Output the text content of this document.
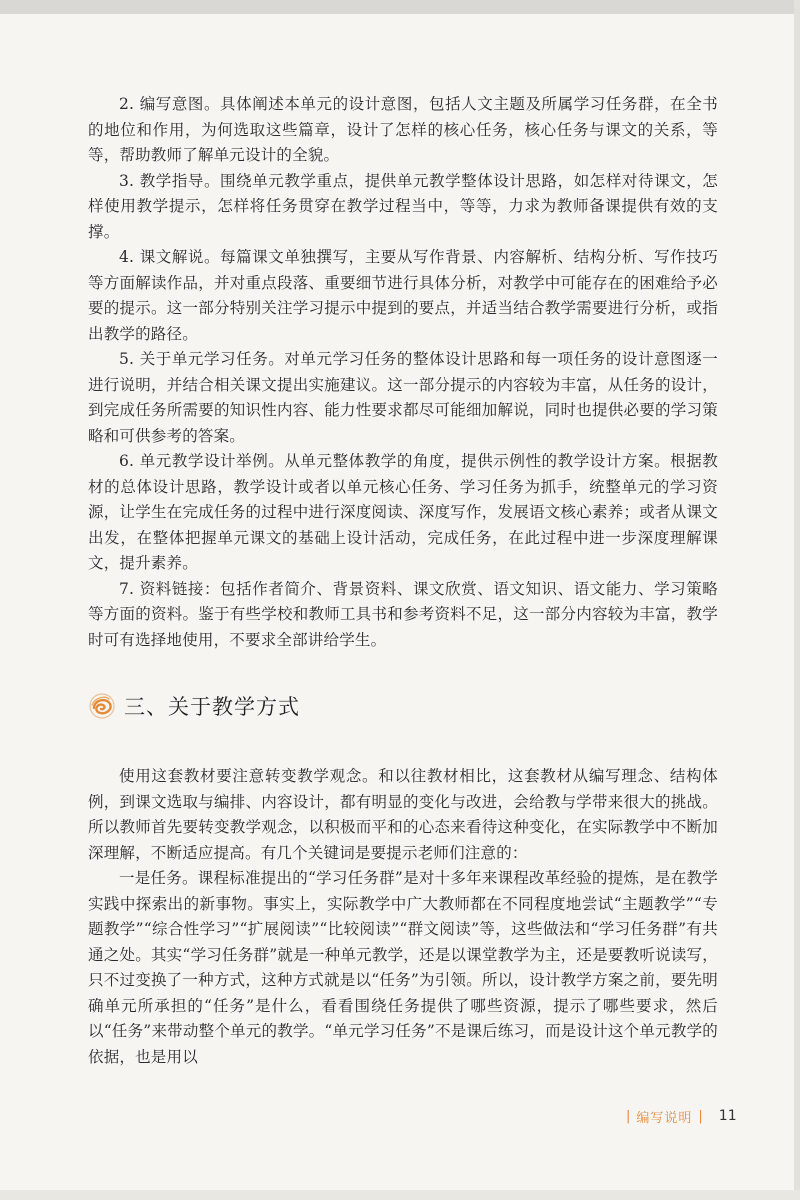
2. 编写意图。具体阐述本单元的设计意图，包括人文主题及所属学习任务群，在全书的地位和作用，为何选取这些篇章，设计了怎样的核心任务，核心任务与课文的关系，等等，帮助教师了解单元设计的全貌。

3. 教学指导。围绕单元教学重点，提供单元教学整体设计思路，如怎样对待课文，怎样使用教学提示，怎样将任务贯穿在教学过程当中，等等，力求为教师备课提供有效的支撑。

4. 课文解说。每篇课文单独撰写，主要从写作背景、内容解析、结构分析、写作技巧等方面解读作品，并对重点段落、重要细节进行具体分析，对教学中可能存在的困难给予必要的提示。这一部分特别关注学习提示中提到的要点，并适当结合教学需要进行分析，或指出教学的路径。

5. 关于单元学习任务。对单元学习任务的整体设计思路和每一项任务的设计意图逐一进行说明，并结合相关课文提出实施建议。这一部分提示的内容较为丰富，从任务的设计，到完成任务所需要的知识性内容、能力性要求都尽可能细加解说，同时也提供必要的学习策略和可供参考的答案。

6. 单元教学设计举例。从单元整体教学的角度，提供示例性的教学设计方案。根据教材的总体设计思路，教学设计或者以单元核心任务、学习任务为抓手，统整单元的学习资源，让学生在完成任务的过程中进行深度阅读、深度写作，发展语文核心素养；或者从课文出发，在整体把握单元课文的基础上设计活动，完成任务，在此过程中进一步深度理解课文，提升素养。

7. 资料链接：包括作者简介、背景资料、课文欣赏、语文知识、语文能力、学习策略等方面的资料。鉴于有些学校和教师工具书和参考资料不足，这一部分内容较为丰富，教学时可有选择地使用，不要求全部讲给学生。

三、关于教学方式

使用这套教材要注意转变教学观念。和以往教材相比，这套教材从编写理念、结构体例，到课文选取与编排、内容设计，都有明显的变化与改进，会给教与学带来很大的挑战。所以教师首先要转变教学观念，以积极而平和的心态来看待这种变化，在实际教学中不断加深理解，不断适应提高。有几个关键词是要提示老师们注意的：

一是任务。课程标准提出的“学习任务群”是对十多年来课程改革经验的提炼，是在教学实践中探索出的新事物。事实上，实际教学中广大教师都在不同程度地尝试“主题教学”“专题教学”“综合性学习”“扩展阅读”“比较阅读”“群文阅读”等，这些做法和“学习任务群”有共通之处。其实“学习任务群”就是一种单元教学，还是以课堂教学为主，还是要教听说读写，只不过变换了一种方式，这种方式就是以“任务”为引领。所以，设计教学方案之前，要先明确单元所承担的“任务”是什么，看看围绕任务提供了哪些资源，提示了哪些要求，然后以“任务”来带动整个单元的教学。“单元学习任务”不是课后练习，而是设计这个单元教学的依据，也是用以

| 编写说明 | 11
